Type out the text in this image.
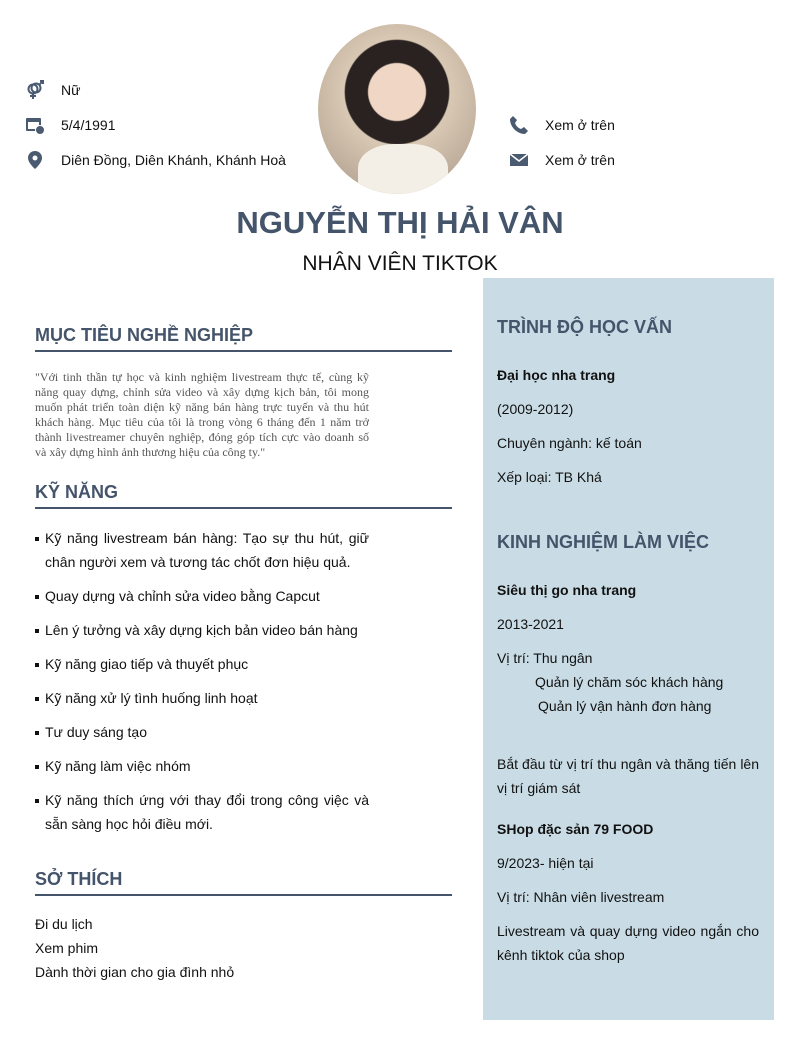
Nữ
5/4/1991
Diên Đồng, Diên Khánh, Khánh Hoà
Xem ở trên
Xem ở trên
NGUYỄN THỊ HẢI VÂN
NHÂN VIÊN TIKTOK
MỤC TIÊU NGHỀ NGHIỆP
"Với tinh thần tự học và kinh nghiệm livestream thực tế, cùng kỹ năng quay dựng, chỉnh sửa video và xây dựng kịch bản, tôi mong muốn phát triển toàn diện kỹ năng bán hàng trực tuyến và thu hút khách hàng. Mục tiêu của tôi là trong vòng 6 tháng đến 1 năm trở thành livestreamer chuyên nghiệp, đóng góp tích cực vào doanh số và xây dựng hình ảnh thương hiệu của công ty."
KỸ NĂNG
Kỹ năng livestream bán hàng: Tạo sự thu hút, giữ chân người xem và tương tác chốt đơn hiệu quả.
Quay dựng và chỉnh sửa video bằng Capcut
Lên ý tưởng và xây dựng kịch bản video bán hàng
Kỹ năng giao tiếp và thuyết phục
Kỹ năng xử lý tình huống linh hoạt
Tư duy sáng tạo
Kỹ năng làm việc nhóm
Kỹ năng thích ứng với thay đổi trong công việc và sẵn sàng học hỏi điều mới.
SỞ THÍCH
Đi du lịch
Xem phim
Dành thời gian cho gia đình nhỏ
TRÌNH ĐỘ HỌC VẤN
Đại học nha trang
(2009-2012)
Chuyên ngành: kế toán
Xếp loại: TB Khá
KINH NGHIỆM LÀM VIỆC
Siêu thị go nha trang
2013-2021
Vị trí: Thu ngân
Quản lý chăm sóc khách hàng
Quản lý vận hành đơn hàng
Bắt đầu từ vị trí thu ngân và thăng tiến lên vị trí giám sát
SHop đặc sản 79 FOOD
9/2023- hiện tại
Vị trí: Nhân viên livestream
Livestream và quay dựng video ngắn cho kênh tiktok của shop
